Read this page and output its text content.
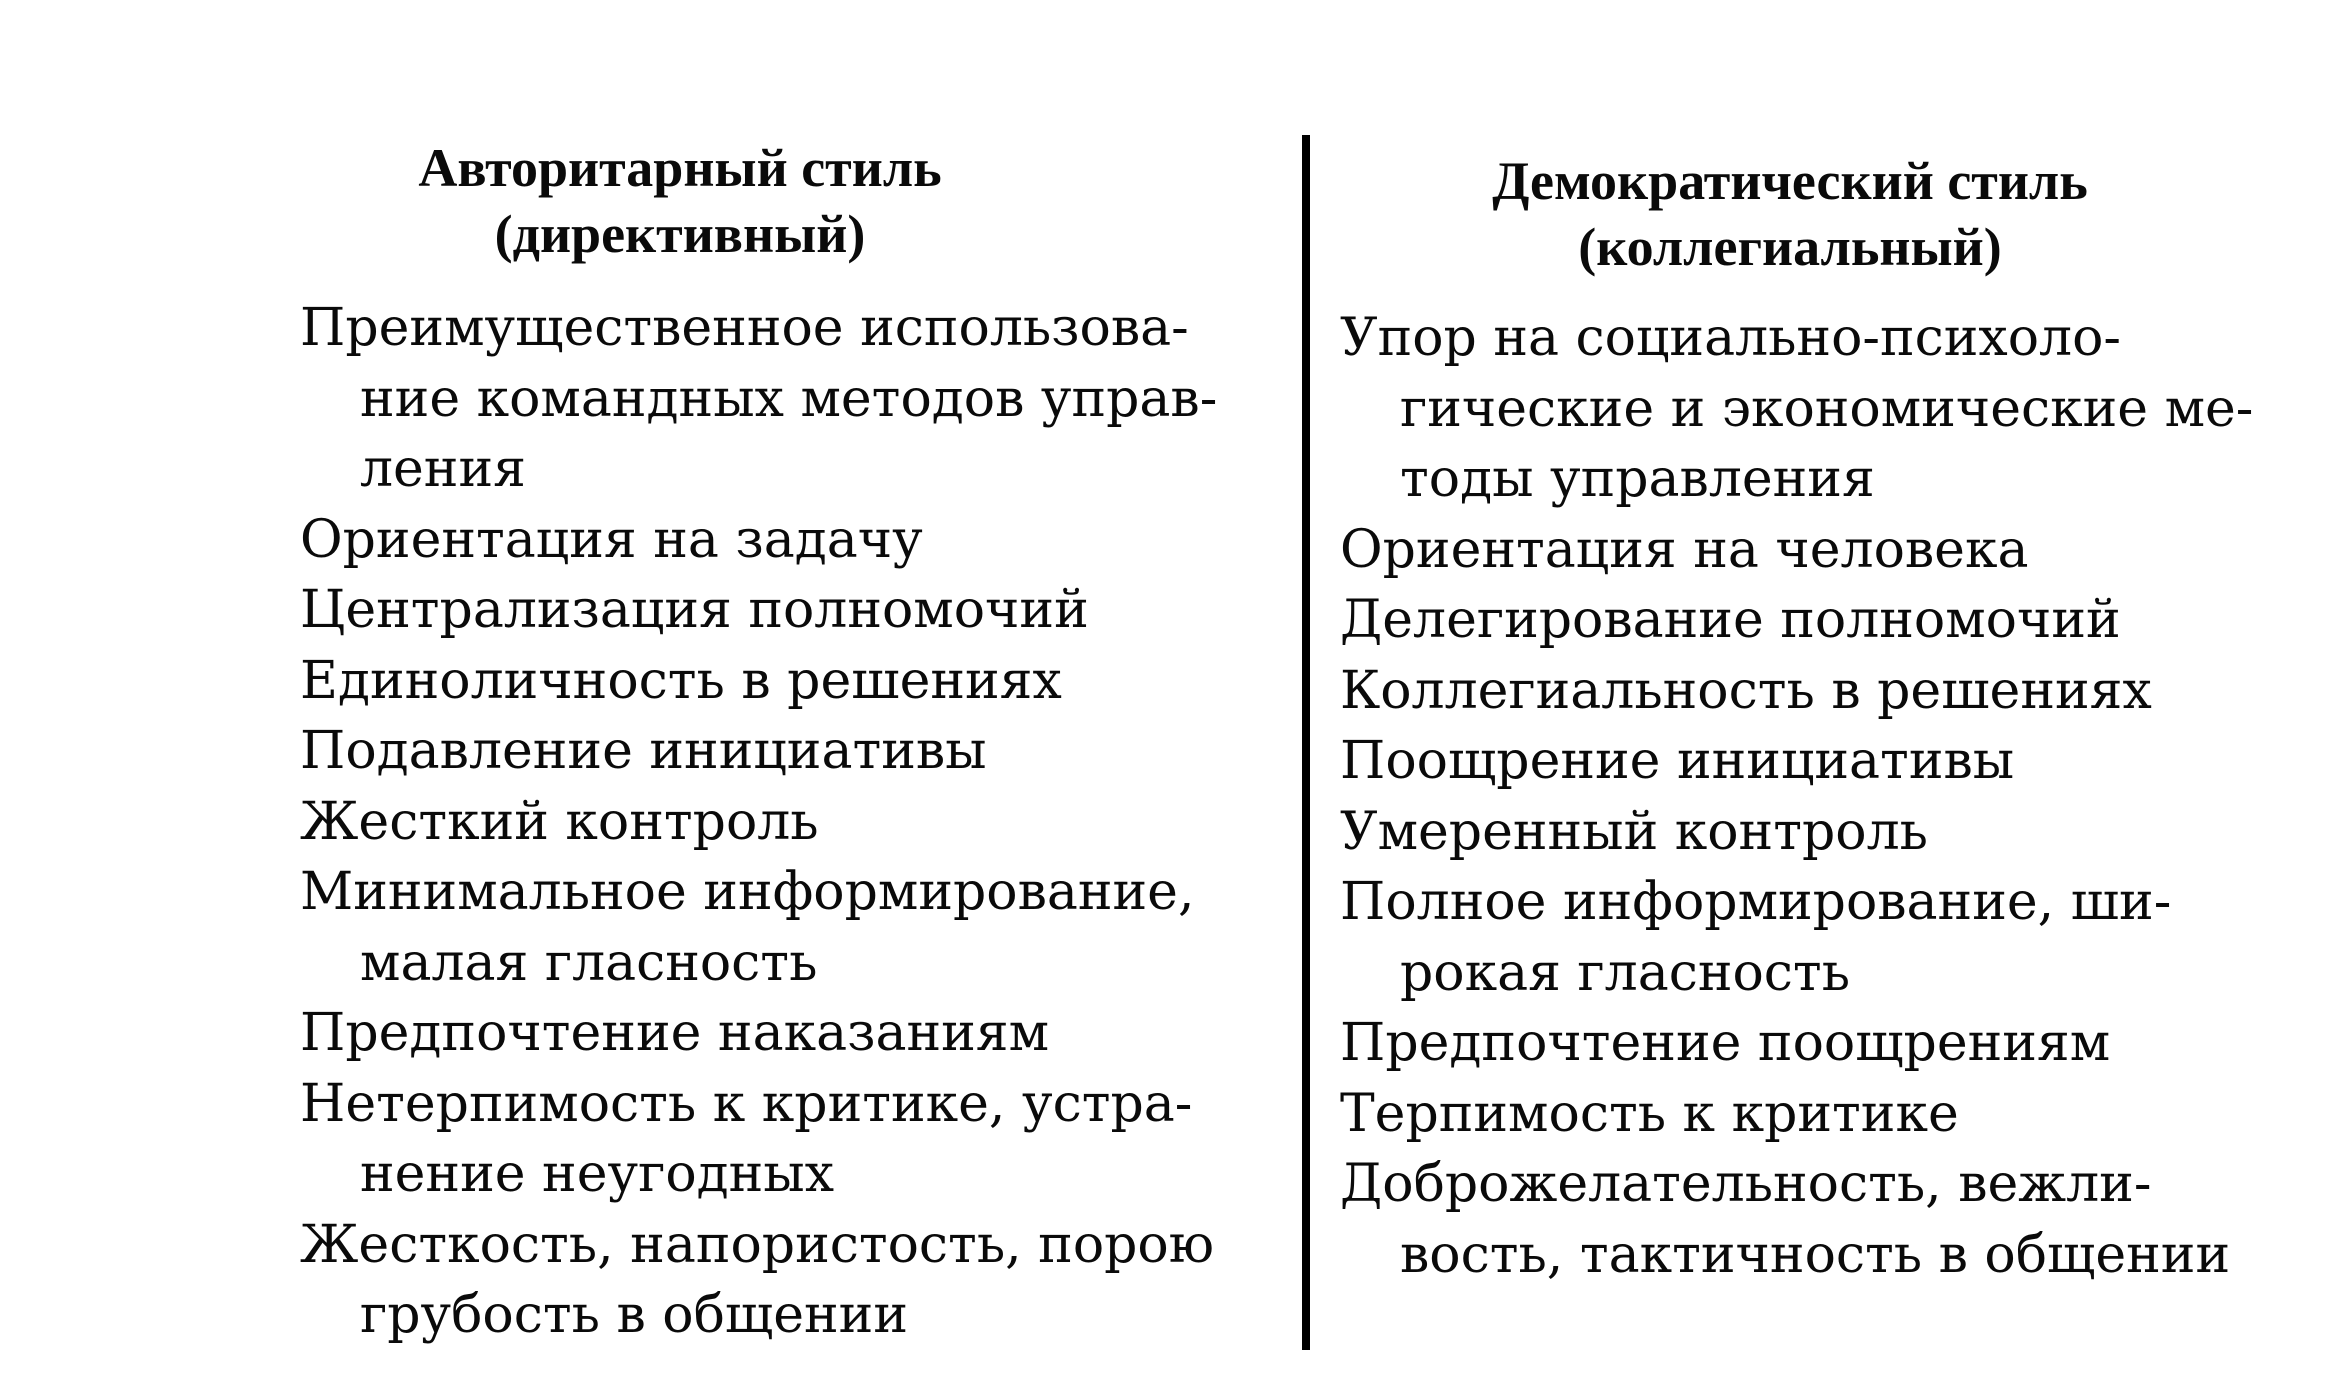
Авторитарный стиль
(директивный)
Преимущественное использова-
ние командных методов управ-
ления
Ориентация на задачу
Централизация полномочий
Единоличность в решениях
Подавление инициативы
Жесткий контроль
Минимальное информирование,
малая гласность
Предпочтение наказаниям
Нетерпимость к критике, устра-
нение неугодных
Жесткость, напористость, порою
грубость в общении
Демократический стиль
(коллегиальный)
Упор на социально-психоло-
гические и экономические ме-
тоды управления
Ориентация на человека
Делегирование полномочий
Коллегиальность в решениях
Поощрение инициативы
Умеренный контроль
Полное информирование, ши-
рокая гласность
Предпочтение поощрениям
Терпимость к критике
Доброжелательность, вежли-
вость, тактичность в общении
